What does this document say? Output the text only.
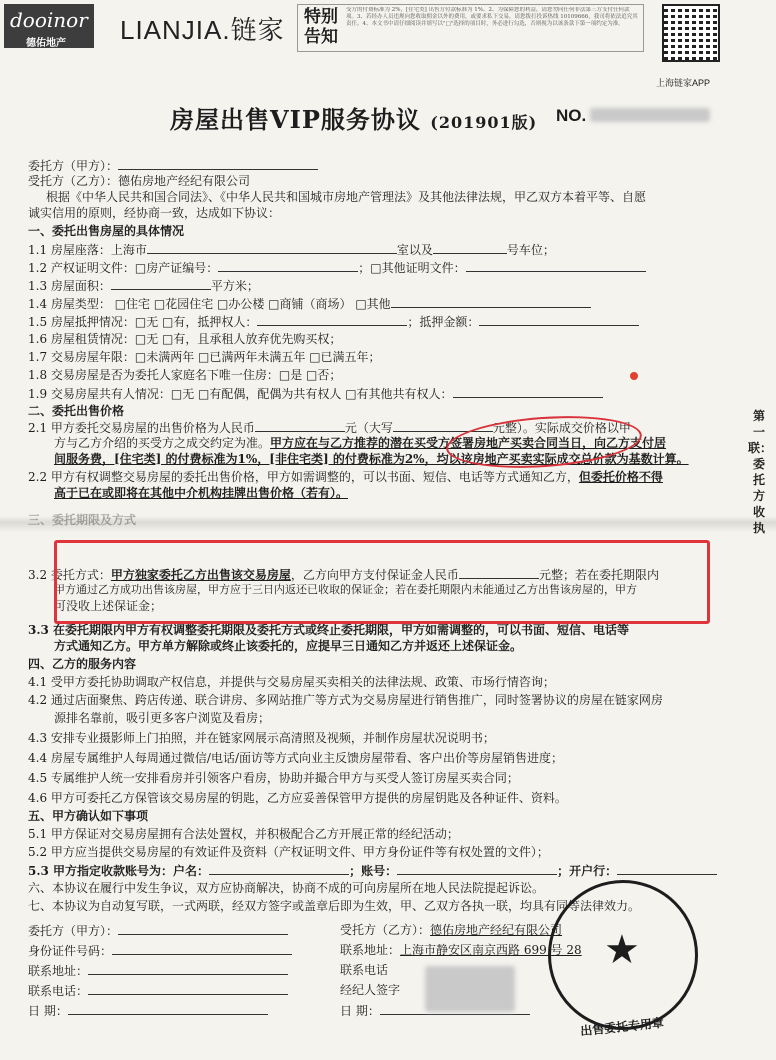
dooinor
德佑地产 LIANJIA.链家 特别告知
受方的付费标准为 2%，[住宅类] 出售方付款标准为 1%。2、为保障您的利益，请您勿向任何非法第三方支付任何款项。3、若经办人员违规向您收取佣金以外的费用，或要求私下交易，请您拨打投诉热线 10109666，我司将依法追究其责任。4、本文书中请仔细阅读并填写以"□"选择的项目时，务必进行勾选，否则视为以该条款下第一项约定为准。
上海链家APP
房屋出售VIP服务协议 (201901版) NO.
委托方（甲方）：
受托方（乙方）：德佑房地产经纪有限公司
根据《中华人民共和国合同法》、《中华人民共和国城市房地产管理法》及其他法律法规，甲乙双方本着平等、自愿
诚实信用的原则，经协商一致，达成如下协议：
一、委托出售房屋的具体情况
1.1 房屋座落：上海市	室以及	号车位；
1.2 产权证明文件：□房产证编号：	；□其他证明文件：
1.3 房屋面积：	平方米；
1.4 房屋类型： □住宅 □花园住宅 □办公楼 □商铺（商场） □其他
1.5 房屋抵押情况：□无 □有，抵押权人：	；抵押金额：
1.6 房屋租赁情况：□无 □有，且承租人放弃优先购买权；
1.7 交易房屋年限：□未满两年 □已满两年未满五年 □已满五年；
1.8 交易房屋是否为委托人家庭名下唯一住房：□是 □否；
1.9 交易房屋共有人情况：□无 □有配偶，配偶为共有权人 □有其他共有权人：
二、委托出售价格
2.1 甲方委托交易房屋的出售价格为人民币	元（大写	元整）。实际成交价格以甲
方与乙方介绍的买受方之成交约定为准。甲方应在与乙方推荐的潜在买受方签署房地产买卖合同当日，向乙方支付居
间服务费，[住宅类] 的付费标准为1%，[非住宅类] 的付费标准为2%，均以该房地产买卖实际成交总价款为基数计算。
2.2 甲方有权调整交易房屋的委托出售价格，甲方如需调整的，可以书面、短信、电话等方式通知乙方，但委托价格不得
高于已在或即将在其他中介机构挂牌出售价格（若有）。
三、委托期限及方式
3.2 委托方式：甲方独家委托乙方出售该交易房屋，乙方向甲方支付保证金人民币	元整；若在委托期限内
甲方通过乙方成功出售该房屋，甲方应于三日内返还已收取的保证金；若在委托期限内未能通过乙方出售该房屋的，甲方
可没收上述保证金；
3.3 在委托期限内甲方有权调整委托期限及委托方式或终止委托期限，甲方如需调整的，可以书面、短信、电话等
方式通知乙方。甲方单方解除或终止该委托的，应提早三日通知乙方并返还上述保证金。
四、乙方的服务内容
4.1 受甲方委托协助调取产权信息，并提供与交易房屋买卖相关的法律法规、政策、市场行情咨询；
4.2 通过店面聚焦、跨店传递、联合讲房、多网站推广等方式为交易房屋进行销售推广，同时签署协议的房屋在链家网房
源排名靠前，吸引更多客户浏览及看房；
4.3 安排专业摄影师上门拍照，并在链家网展示高清照及视频，并制作房屋状况说明书；
4.4 房屋专属维护人每周通过微信/电话/面访等方式向业主反馈房屋带看、客户出价等房屋销售进度；
4.5 专属维护人统一安排看房并引领客户看房，协助并撮合甲方与买受人签订房屋买卖合同；
4.6 甲方可委托乙方保管该交易房屋的钥匙，乙方应妥善保管甲方提供的房屋钥匙及各种证件、资料。
五、甲方确认如下事项
5.1 甲方保证对交易房屋拥有合法处置权，并积极配合乙方开展正常的经纪活动；
5.2 甲方应当提供交易房屋的有效证件及资料（产权证明文件、甲方身份证件等有权处置的文件）；
5.3 甲方指定收款账号为：户名：	；账号：	；开户行：
六、本协议在履行中发生争议，双方应协商解决，协商不成的可向房屋所在地人民法院提起诉讼。
七、本协议为自动复写联，一式两联，经双方签字或盖章后即为生效，甲、乙双方各执一联，均具有同等法律效力。
委托方（甲方）：
身份证件号码：
联系地址：
联系电话：
日 期：
受托方（乙方）：德佑房地产经纪有限公司
联系地址：上海市静安区南京西路 699 号 28
联系电话
经纪人签字
日 期：
★
出售委托专用章
第一联：委托方收执
